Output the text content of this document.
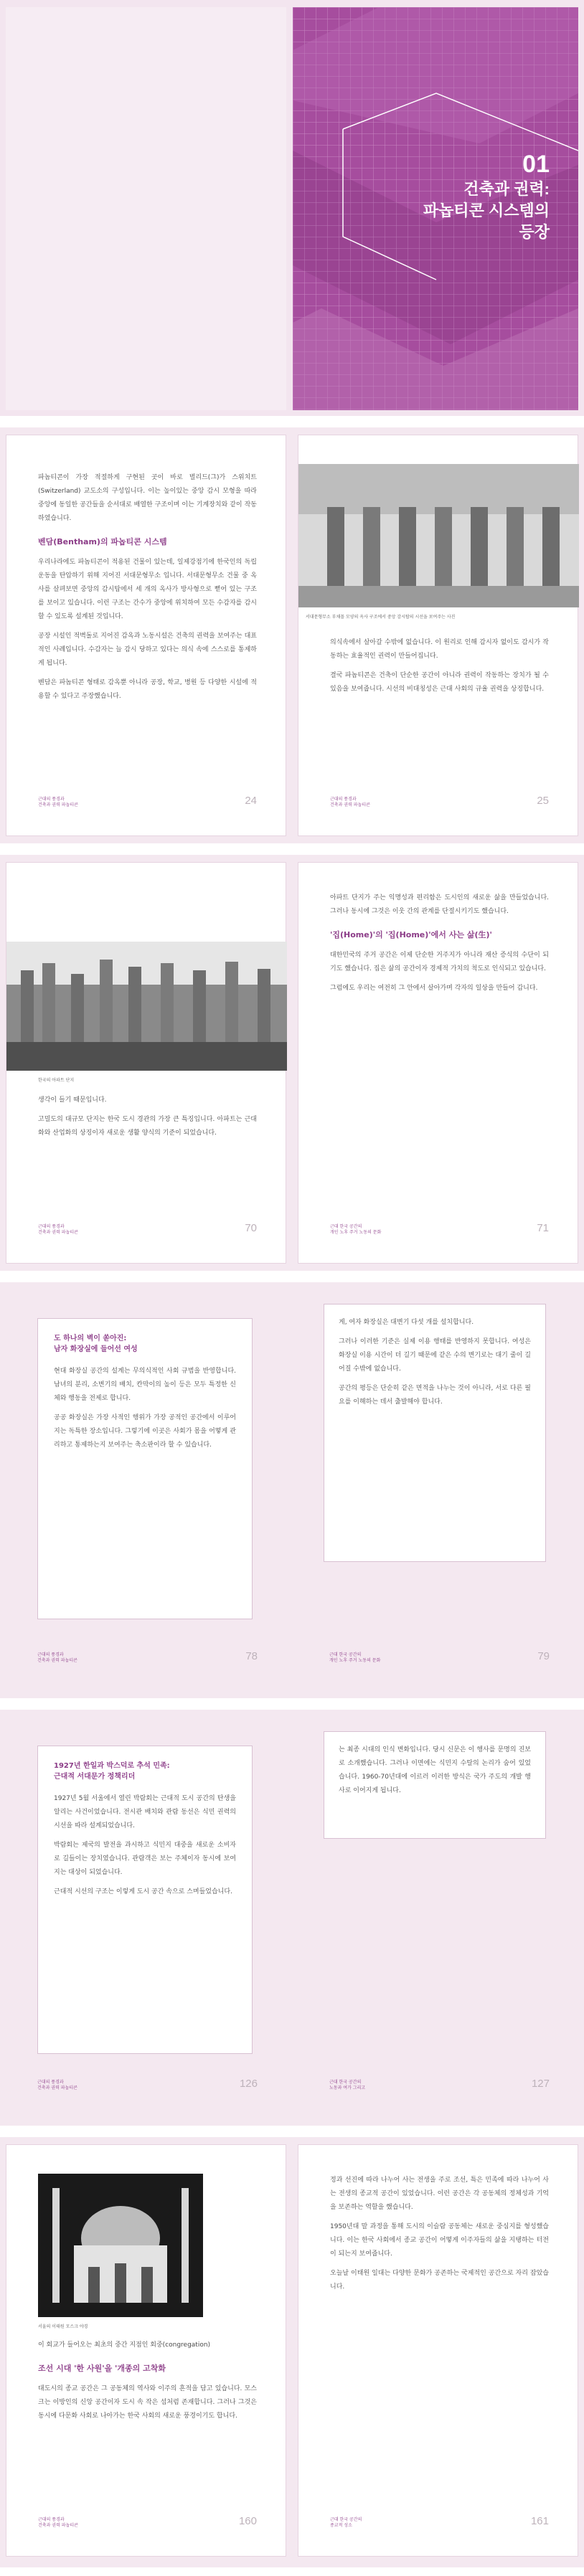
01
건축과 권력:
파놉티콘 시스템의
등장

파놉티콘이 가장 적절하게 구현된 곳이 바로 벌리드(그)가 스위치트(Switzerland) 교도소의 구성입니다. 이는 높이있는 중앙 감시 모형을 따라 중앙에 동일한 공간들을 순서대로 배열한 구조이며 이는 기계장치와 같이 작동하였습니다.

벤담(Bentham)의 파놉티콘 시스템

우리나라에도 파놉티콘이 적용된 건물이 있는데, 일제강점기에 한국인의 독립운동을 탄압하기 위해 지어진 서대문형무소 입니다. 서대문형무소 건물 중 옥사를 살펴보면 중앙의 감시탑에서 세 개의 옥사가 방사형으로 뻗어 있는 구조를 보이고 있습니다. 이런 구조는 간수가 중앙에 위치하여 모든 수감자를 감시할 수 있도록 설계된 것입니다.

공장 시설인 적벽돌로 지어진 감옥과 노동시설은 건축의 권력을 보여주는 대표적인 사례입니다. 수감자는 늘 감시 당하고 있다는 의식 속에 스스로를 통제하게 됩니다.

벤담은 파놉티콘 형태로 감옥뿐 아니라 공장, 학교, 병원 등 다양한 시설에 적용할 수 있다고 주장했습니다.

근대의 풍경과
건축과 권력 파놉티콘	24
서대문형무소 부채꼴 모양의 옥사 구조에서 중앙 감시탑의 시선을 보여주는 사진

의식속에서 살아갈 수밖에 없습니다. 이 원리로 인해 감시자 없이도 감시가 작동하는 효율적인 권력이 만들어집니다.

결국 파놉티콘은 건축이 단순한 공간이 아니라 권력이 작동하는 장치가 될 수 있음을 보여줍니다. 시선의 비대칭성은 근대 사회의 규율 권력을 상징합니다.

근대의 풍경과
건축과 권력 파놉티콘	25
한국의 아파트 단지

생각이 들기 때문입니다.

고밀도의 대규모 단지는 한국 도시 경관의 가장 큰 특징입니다. 아파트는 근대화와 산업화의 상징이자 새로운 생활 양식의 기준이 되었습니다.

근대의 풍경과
건축과 권력 파놉티콘	70

아파트 단지가 주는 익명성과 편리함은 도시인의 새로운 삶을 만들었습니다. 그러나 동시에 그것은 이웃 간의 관계를 단절시키기도 했습니다.

'집(Home)'의 '집(Home)'에서 사는 삶(生)'

대한민국의 주거 공간은 이제 단순한 거주지가 아니라 재산 증식의 수단이 되기도 했습니다. 집은 삶의 공간이자 경제적 가치의 척도로 인식되고 있습니다.

그럼에도 우리는 여전히 그 안에서 살아가며 각자의 일상을 만들어 갑니다.

근대 한국 공간의
개인 노후 주거 노동의 문화	71

도 하나의 벽이 쏟아진:
남자 화장실에 들어선 여성

현대 화장실 공간의 설계는 무의식적인 사회 규범을 반영합니다. 남녀의 분리, 소변기의 배치, 칸막이의 높이 등은 모두 특정한 신체와 행동을 전제로 합니다.

공공 화장실은 가장 사적인 행위가 가장 공적인 공간에서 이루어지는 독특한 장소입니다. 그렇기에 이곳은 사회가 몸을 어떻게 관리하고 통제하는지 보여주는 축소판이라 할 수 있습니다.

근대의 풍경과
건축과 권력 파놉티콘	78

게, 여자 화장실은 대변기 다섯 개를 설치합니다.

그러나 이러한 기준은 실제 이용 행태를 반영하지 못합니다. 여성은 화장실 이용 시간이 더 길기 때문에 같은 수의 변기로는 대기 줄이 길어질 수밖에 없습니다.

공간의 평등은 단순히 같은 면적을 나누는 것이 아니라, 서로 다른 필요를 이해하는 데서 출발해야 합니다.

근대 한국 공간의
개인 노후 주거 노동의 문화	79

1927년 한일과 박스덕로 추석 민족:
근대적 서대문가 정책리더

1927년 5월 서울에서 열린 박람회는 근대적 도시 공간의 탄생을 알리는 사건이었습니다. 전시관 배치와 관람 동선은 식민 권력의 시선을 따라 설계되었습니다.

박람회는 제국의 발전을 과시하고 식민지 대중을 새로운 소비자로 길들이는 장치였습니다. 관람객은 보는 주체이자 동시에 보여지는 대상이 되었습니다.

근대적 시선의 구조는 이렇게 도시 공간 속으로 스며들었습니다.

근대의 풍경과
건축과 권력 파놉티콘	126

는 최종 시대의 인식 변화입니다. 당시 신문은 이 행사를 문명의 진보로 소개했습니다. 그러나 이면에는 식민지 수탈의 논리가 숨어 있었습니다. 1960-70년대에 이르러 이러한 방식은 국가 주도의 개발 행사로 이어지게 됩니다.

근대 한국 공간의
노동과 여가 그리고	127
서울의 이태원 모스크 야경

이 회교가 들어오는 최초의 중간 지점인 회중(congregation)

조선 시대 '한 사원'을 '개종의 고착화

대도시의 종교 공간은 그 공동체의 역사와 이주의 흔적을 담고 있습니다. 모스크는 이방인의 신앙 공간이자 도시 속 작은 섬처럼 존재합니다. 그러나 그것은 동시에 다문화 사회로 나아가는 한국 사회의 새로운 풍경이기도 합니다.

근대의 풍경과
건축과 권력 파놉티콘	160

정과 선진에 따라 나누어 사는 전생을 주로 조선, 특은 민족에 따라 나누어 사는 전생의 종교적 공간이 있었습니다. 이런 공간은 각 공동체의 정체성과 기억을 보존하는 역할을 했습니다.

1950년대 말 과정을 통해 도시의 이슬람 공동체는 새로운 중심지를 형성했습니다. 이는 한국 사회에서 종교 공간이 어떻게 이주자들의 삶을 지탱하는 터전이 되는지 보여줍니다.

오늘날 이태원 일대는 다양한 문화가 공존하는 국제적인 공간으로 자리 잡았습니다.

근대 한국 공간의
종교적 성소	161
